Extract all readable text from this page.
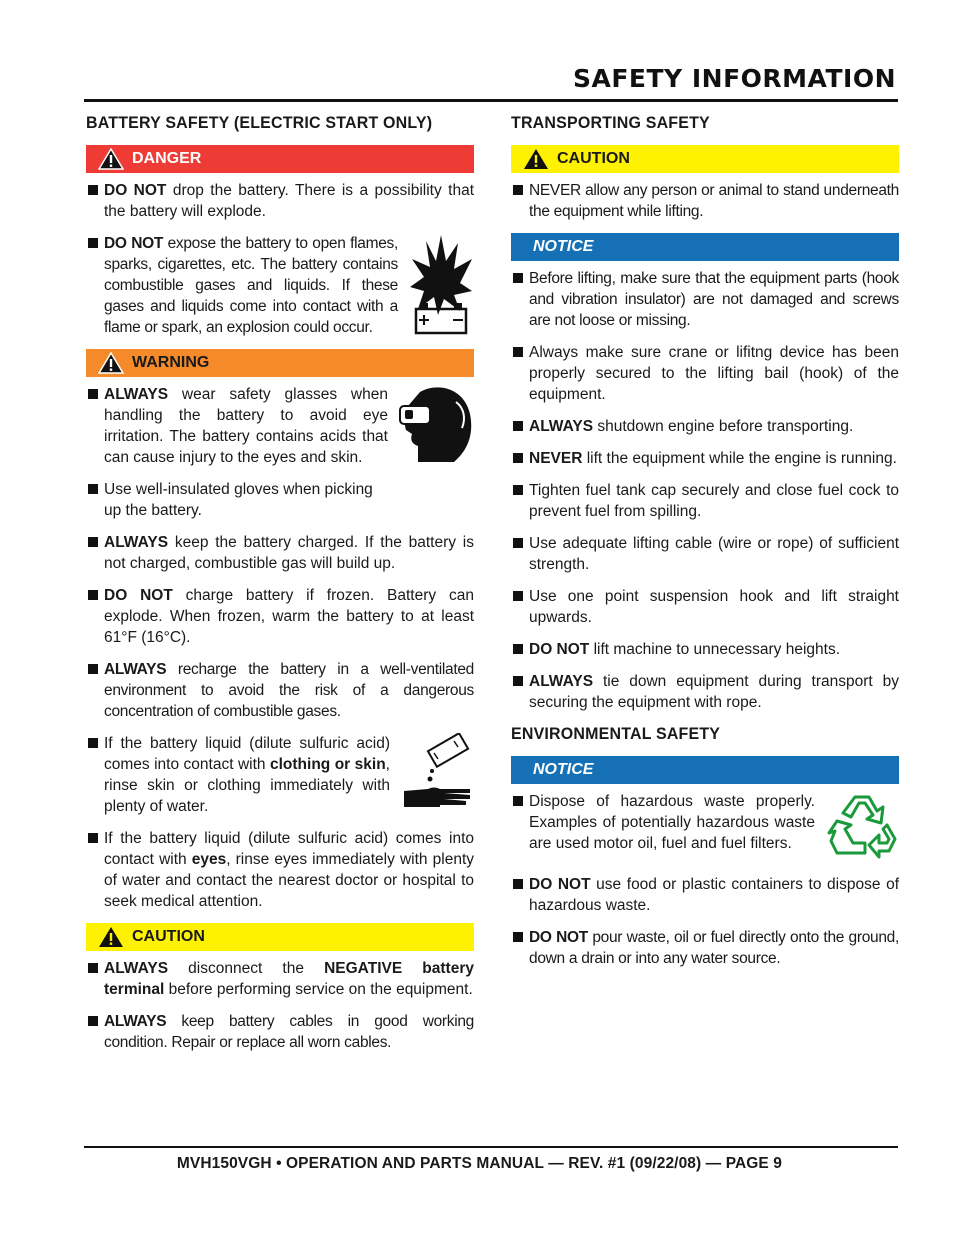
SAFETY INFORMATION
BATTERY SAFETY (ELECTRIC START ONLY)
DANGER
DO NOT drop the battery. There is a possibility that the battery will explode.
DO NOT expose the battery to open flames, sparks, cigarettes, etc. The battery contains combustible gases and liquids. If these gases and liquids come into contact with a flame or spark, an explosion could occur.
WARNING
ALWAYS wear safety glasses when handling the battery to avoid eye irritation. The battery contains acids that can cause injury to the eyes and skin.
Use well-insulated gloves when picking up the battery.
ALWAYS keep the battery charged. If the battery is not charged, combustible gas will build up.
DO NOT charge battery if frozen. Battery can explode. When frozen, warm the battery to at least 61°F (16°C).
ALWAYS recharge the battery in a well-ventilated environment to avoid the risk of a dangerous concentration of combustible gases.
If the battery liquid (dilute sulfuric acid) comes into contact with clothing or skin, rinse skin or clothing immediately with plenty of water.
If the battery liquid (dilute sulfuric acid) comes into contact with eyes, rinse eyes immediately with plenty of water and contact the nearest doctor or hospital to seek medical attention.
CAUTION
ALWAYS disconnect the NEGATIVE battery terminal before performing service on the equipment.
ALWAYS keep battery cables in good working condition. Repair or replace all worn cables.
TRANSPORTING SAFETY
CAUTION
NEVER allow any person or animal to stand underneath the equipment while lifting.
NOTICE
Before lifting, make sure that the equipment parts (hook and vibration insulator) are not damaged and screws are not loose or missing.
Always make sure crane or lifitng device has been properly secured to the lifting bail (hook) of the equipment.
ALWAYS shutdown engine before transporting.
NEVER lift the equipment while the engine is running.
Tighten fuel tank cap securely and close fuel cock to prevent fuel from spilling.
Use adequate lifting cable (wire or rope) of sufficient strength.
Use one point suspension hook and lift straight upwards.
DO NOT lift machine to unnecessary heights.
ALWAYS tie down equipment during transport by securing the equipment with rope.
ENVIRONMENTAL SAFETY
NOTICE
Dispose of hazardous waste properly. Examples of potentially hazardous waste are used motor oil, fuel and fuel filters.
DO NOT use food or plastic containers to dispose of hazardous waste.
DO NOT pour waste, oil or fuel directly onto the ground, down a drain or into any water source.
MVH150VGH • OPERATION AND PARTS MANUAL — REV. #1 (09/22/08) — PAGE 9
